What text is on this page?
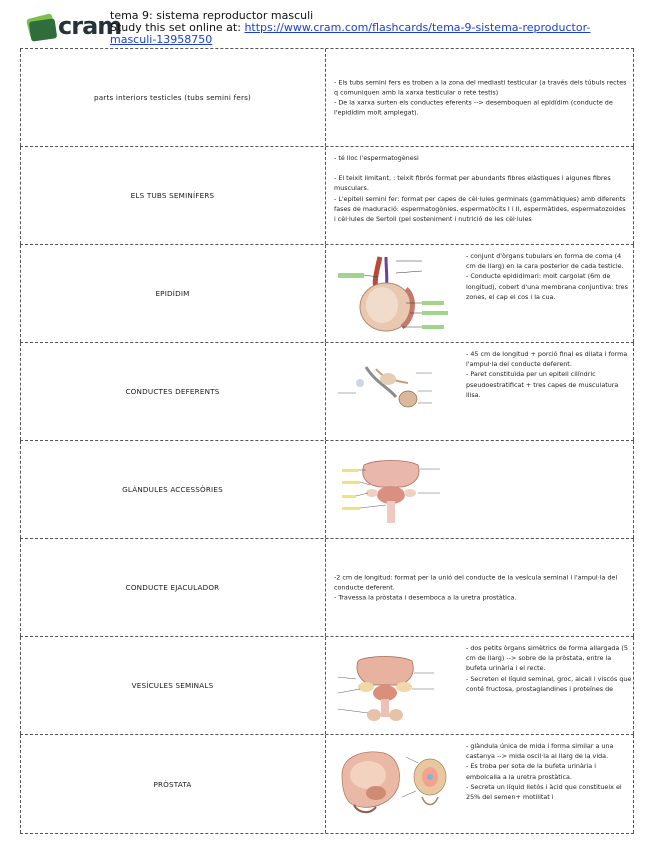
cram
tema 9: sistema reproductor masculi
Study this set online at: https://www.cram.com/flashcards/tema-9-sistema-reproductor-masculi-13958750
parts interiors testicles (tubs semini fers)

- Els tubs semini fers es troben a la zona del mediasti testicular (a través dels túbuls rectes q comuniquen amb la xarxa testicular o rete testis)

- De la xarxa surten els conductes eferents --> desemboquen al epidídim (conducte de l'epidídim molt amplegat).

ELS TUBS SEMINÍFERS

- té lloc l'espermatogènesi

- El teixit limitant, : teixit fibrós format per abundants fibres elàstiques i algunes fibres musculars.

- L'epiteli semini fer: format per capes de cèl·lules germinals (gammàtiques) amb diferents fases de maduració: espermatogònies, espermatòcits I i II, espermàtides, espermatozoides i cèl·lules de Sertoli (pel sosteniment i nutrició de les cèl·lules

EPIDÍDIM

- conjunt d'òrgans tubulars en forma de coma (4 cm de llarg) en la cara posterior de cada testicle.

- Conducte epididimari: molt cargolat (6m de longitud), cobert d'una membrana conjuntiva: tres zones, el cap el cos i la cua.

CONDUCTES DEFERENTS

- 45 cm de longitud + porció final es dilata i forma l'ampul·la del conducte deferent.

- Paret constituïda per un epiteli cilíndric pseudoestratificat + tres capes de musculatura llisa.

GLÀNDULES ACCESSÒRIES
CONDUCTE EJACULADOR

-2 cm de longitud: format per la unió del conducte de la vesícula seminal i l'ampul·la del conducte deferent.

- Travessa la pròstata i desemboca a la uretra prostàtica.

VESÍCULES SEMINALS

- dos petits òrgans simètrics de forma allargada (5 cm de llarg) --> sobre de la pròstata, entre la bufeta urinària i el recte.

- Secreten el líquid seminal, groc, alcali i viscós que conté fructosa, prostaglandines i proteïnes de

PRÒSTATA

- glàndula única de mida i forma similar a una castanya --> mida oscil·la al llarg de la vida.

- Es troba per sota de la bufeta urinària i embolcalla a la uretra prostàtica.

- Secreta un líquid lletós i àcid que constitueix el 25% del semen+ motilitat i
